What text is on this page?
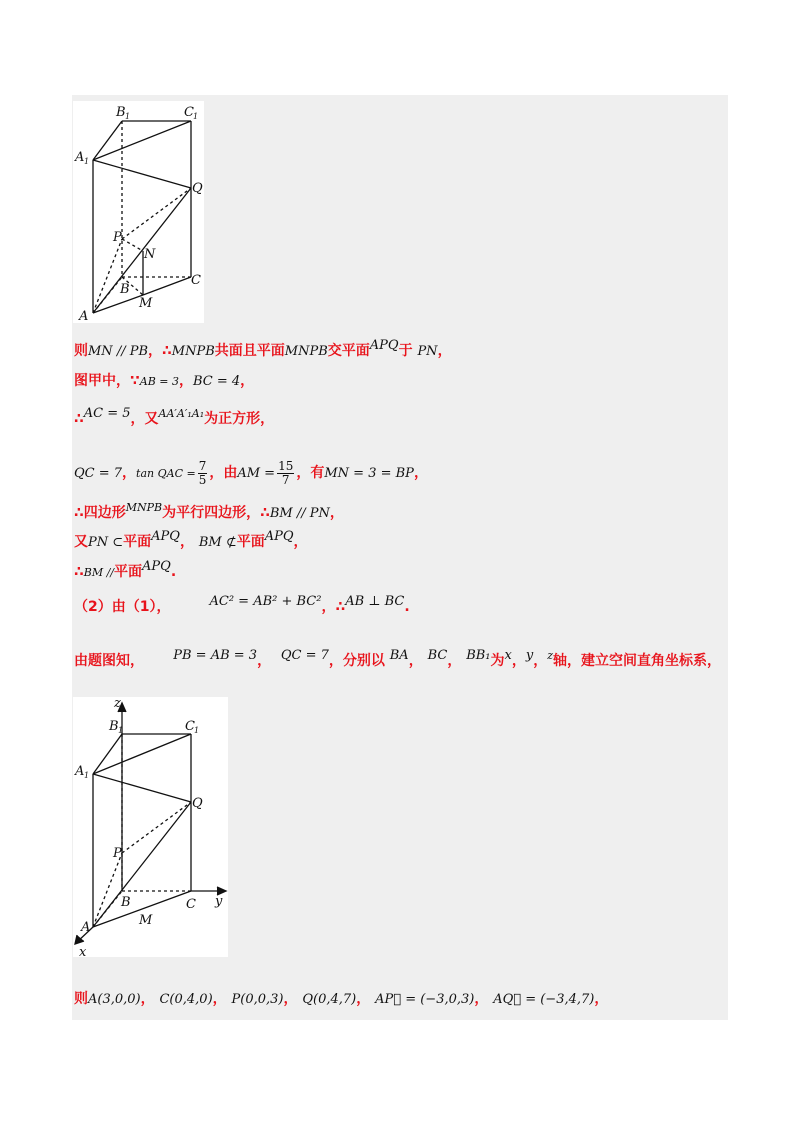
B 1	C 1
A 1
Q
P
N
B
C
M
A
则MN // PB，∴MNPB共面且平面MNPB交平面APQ于 PN，
图甲中，∵AB = 3，BC = 4，
∴AC = 5，又$^{AA'A'_1A_1}$为正方形，
QC = 7，tan QAC = $\frac{7}{5}$ ，由AM = $\frac{15}{7}$ ，有MN = 3 = BP，
∴四边形$^{MNPB}$为平行四边形，∴BM // PN，
又PN ⊂平面APQ， BM ⊄平面APQ，
∴BM //平面APQ.
（2）由（1），	AC² = AB² + BC²，∴AB ⊥ BC.
由题图知， PB = AB = 3， QC = 7，分别以 BA， BC， BB₁为x，y，$^z$轴，建立空间直角坐标系，
z
B 1	C 1
A 1
Q
P
B	C y
A	M
x
则A(3,0,0)， C(0,4,0)， P(0,0,3)， Q(0,4,7)， AP⃗ = (−3,0,3)， AQ⃗ = (−3,4,7)，
